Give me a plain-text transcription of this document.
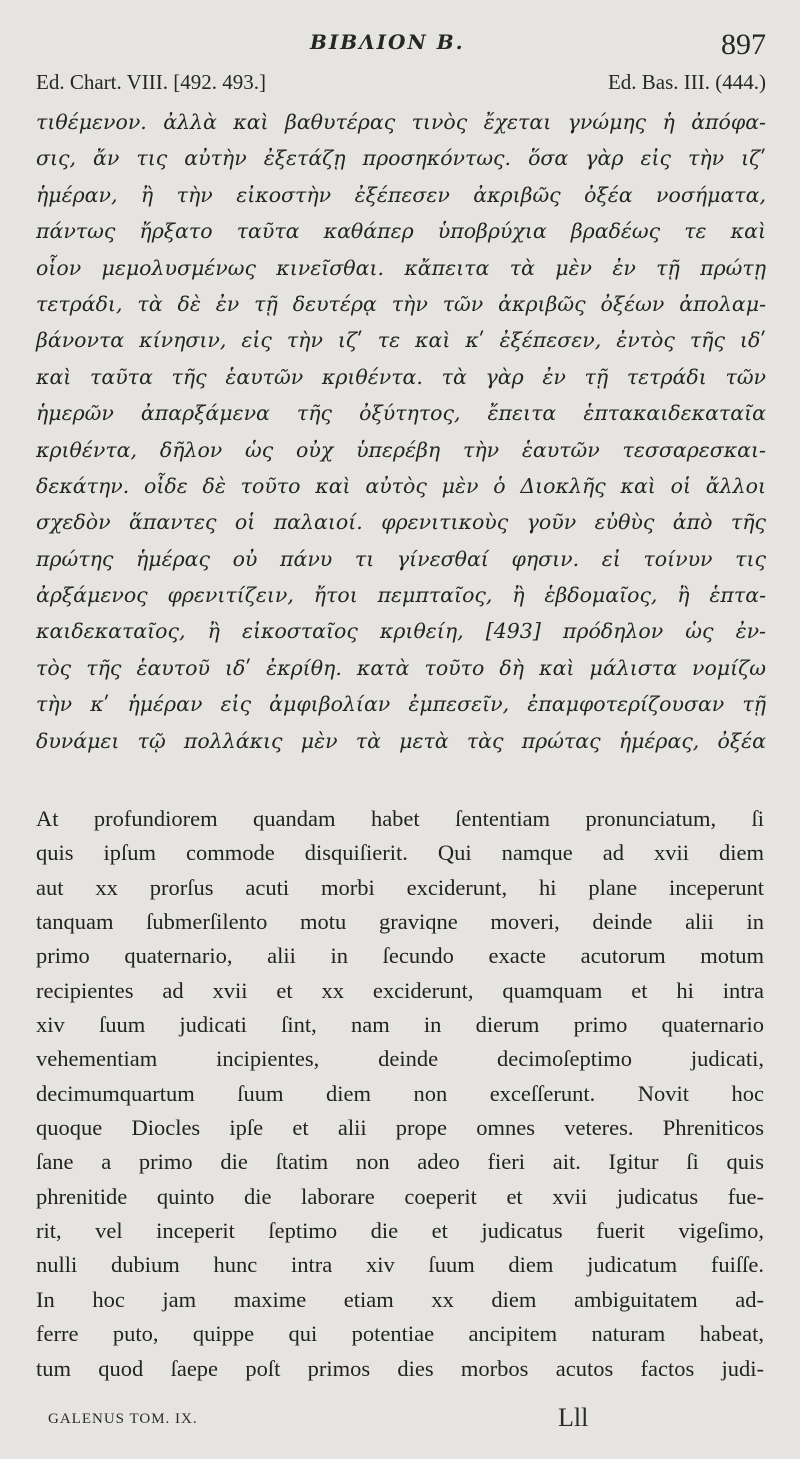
ΒΙΒΛΙΟΝ Β.	897
Ed. Chart. VIII. [492. 493.]	Ed. Bas. III. (444.)
τιθέμενον. ἀλλὰ καὶ βαθυτέρας τινὸς ἔχεται γνώμης ἡ ἀπόφα-
σις, ἄν τις αὐτὴν ἐξετάζῃ προσηκόντως. ὅσα γὰρ εἰς τὴν ιζʹ
ἡμέραν, ἢ τὴν εἰκοστὴν ἐξέπεσεν ἀκριβῶς ὀξέα νοσήματα,
πάντως ἤρξατο ταῦτα καθάπερ ὑποβρύχια βραδέως τε καὶ
οἷον μεμολυσμένως κινεῖσθαι. κἄπειτα τὰ μὲν ἐν τῇ πρώτῃ
τετράδι, τὰ δὲ ἐν τῇ δευτέρᾳ τὴν τῶν ἀκριβῶς ὀξέων ἀπολαμ-
βάνοντα κίνησιν, εἰς τὴν ιζʹ τε καὶ κʹ ἐξέπεσεν, ἐντὸς τῆς ιδʹ
καὶ ταῦτα τῆς ἑαυτῶν κριθέντα. τὰ γὰρ ἐν τῇ τετράδι τῶν
ἡμερῶν ἀπαρξάμενα τῆς ὀξύτητος, ἔπειτα ἑπτακαιδεκαταῖα
κριθέντα, δῆλον ὡς οὐχ ὑπερέβη τὴν ἑαυτῶν τεσσαρεσκαι-
δεκάτην. οἶδε δὲ τοῦτο καὶ αὐτὸς μὲν ὁ Διοκλῆς καὶ οἱ ἄλλοι
σχεδὸν ἅπαντες οἱ παλαιοί. φρενιτικοὺς γοῦν εὐθὺς ἀπὸ τῆς
πρώτης ἡμέρας οὐ πάνυ τι γίνεσθαί φησιν. εἰ τοίνυν τις
ἀρξάμενος φρενιτίζειν, ἤτοι πεμπταῖος, ἢ ἑβδομαῖος, ἢ ἑπτα-
καιδεκαταῖος, ἢ εἰκοσταῖος κριθείη, [493] πρόδηλον ὡς ἐν-
τὸς τῆς ἑαυτοῦ ιδʹ ἐκρίθη. κατὰ τοῦτο δὴ καὶ μάλιστα νομίζω
τὴν κʹ ἡμέραν εἰς ἀμφιβολίαν ἐμπεσεῖν, ἐπαμφοτερίζουσαν τῇ
δυνάμει τῷ πολλάκις μὲν τὰ μετὰ τὰς πρώτας ἡμέρας, ὀξέα
At profundiorem quandam habet ſententiam pronunciatum, ſi
quis ipſum commode disquiſierit. Qui namque ad xvii diem
aut xx prorſus acuti morbi exciderunt, hi plane inceperunt
tanquam ſubmerſilento motu graviqne moveri, deinde alii in
primo quaternario, alii in ſecundo exacte acutorum motum
recipientes ad xvii et xx exciderunt, quamquam et hi intra
xiv ſuum judicati ſint, nam in dierum primo quaternario
vehementiam incipientes, deinde decimoſeptimo judicati,
decimumquartum ſuum diem non exceſſerunt. Novit hoc
quoque Diocles ipſe et alii prope omnes veteres. Phreniticos
ſane a primo die ſtatim non adeo fieri ait. Igitur ſi quis
phrenitide quinto die laborare coeperit et xvii judicatus fue-
rit, vel inceperit ſeptimo die et judicatus fuerit vigeſimo,
nulli dubium hunc intra xiv ſuum diem judicatum fuiſſe.
In hoc jam maxime etiam xx diem ambiguitatem ad-
ferre puto, quippe qui potentiae ancipitem naturam habeat,
tum quod ſaepe poſt primos dies morbos acutos factos judi-
GALENUS TOM. IX.	Lll
